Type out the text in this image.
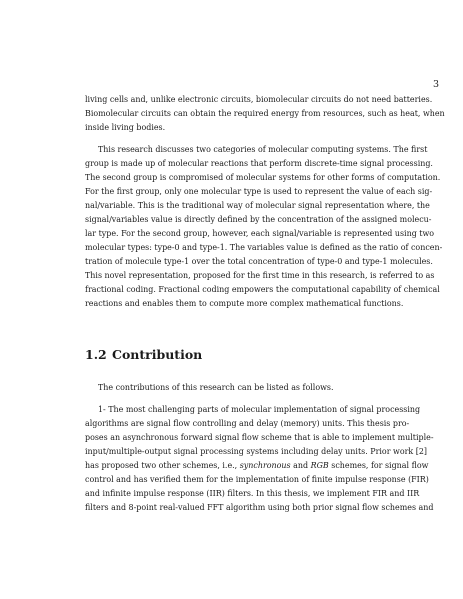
3
living cells and, unlike electronic circuits, biomolecular circuits do not need batteries.
Biomolecular circuits can obtain the required energy from resources, such as heat, when
inside living bodies.
This research discusses two categories of molecular computing systems. The first
group is made up of molecular reactions that perform discrete-time signal processing.
The second group is compromised of molecular systems for other forms of computation.
For the first group, only one molecular type is used to represent the value of each sig-
nal/variable. This is the traditional way of molecular signal representation where, the
signal/variables value is directly defined by the concentration of the assigned molecu-
lar type. For the second group, however, each signal/variable is represented using two
molecular types: type-0 and type-1. The variables value is defined as the ratio of concen-
tration of molecule type-1 over the total concentration of type-0 and type-1 molecules.
This novel representation, proposed for the first time in this research, is referred to as
fractional coding. Fractional coding empowers the computational capability of chemical
reactions and enables them to compute more complex mathematical functions.
1.2 Contribution
The contributions of this research can be listed as follows.
1- The most challenging parts of molecular implementation of signal processing
algorithms are signal flow controlling and delay (memory) units. This thesis pro-
poses an asynchronous forward signal flow scheme that is able to implement multiple-
input/multiple-output signal processing systems including delay units. Prior work [2]
has proposed two other schemes, i.e., synchronous and RGB schemes, for signal flow
control and has verified them for the implementation of finite impulse response (FIR)
and infinite impulse response (IIR) filters. In this thesis, we implement FIR and IIR
filters and 8-point real-valued FFT algorithm using both prior signal flow schemes and
